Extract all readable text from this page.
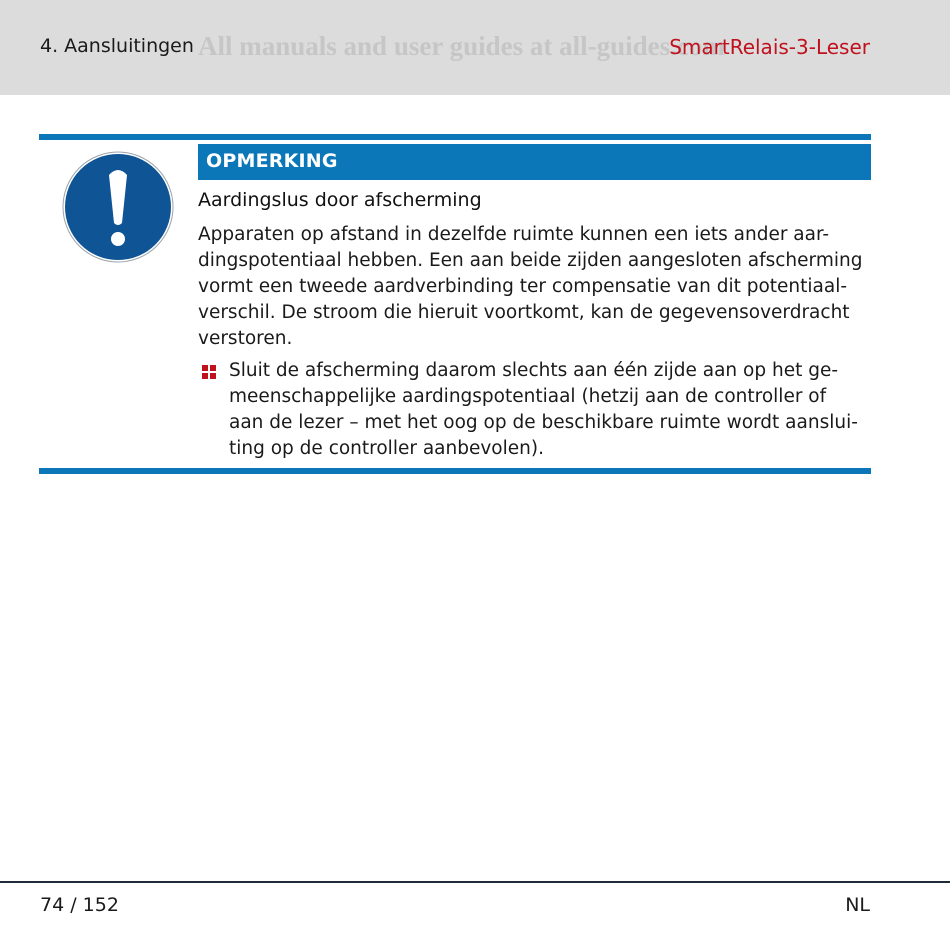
4. Aansluitingen All manuals and user guides at all-guides.com
SmartRelais-3-Leser
OPMERKING
Aardingslus door afscherming
Apparaten op afstand in dezelfde ruimte kunnen een iets ander aar-
dingspotentiaal hebben. Een aan beide zijden aangesloten afscherming
vormt een tweede aardverbinding ter compensatie van dit potentiaal-
verschil. De stroom die hieruit voortkomt, kan de gegevensoverdracht
verstoren.
Sluit de afscherming daarom slechts aan één zijde aan op het ge-
meenschappelijke aardingspotentiaal (hetzij aan de controller of
aan de lezer – met het oog op de beschikbare ruimte wordt aanslui-
ting op de controller aanbevolen).
74 / 152	NL
